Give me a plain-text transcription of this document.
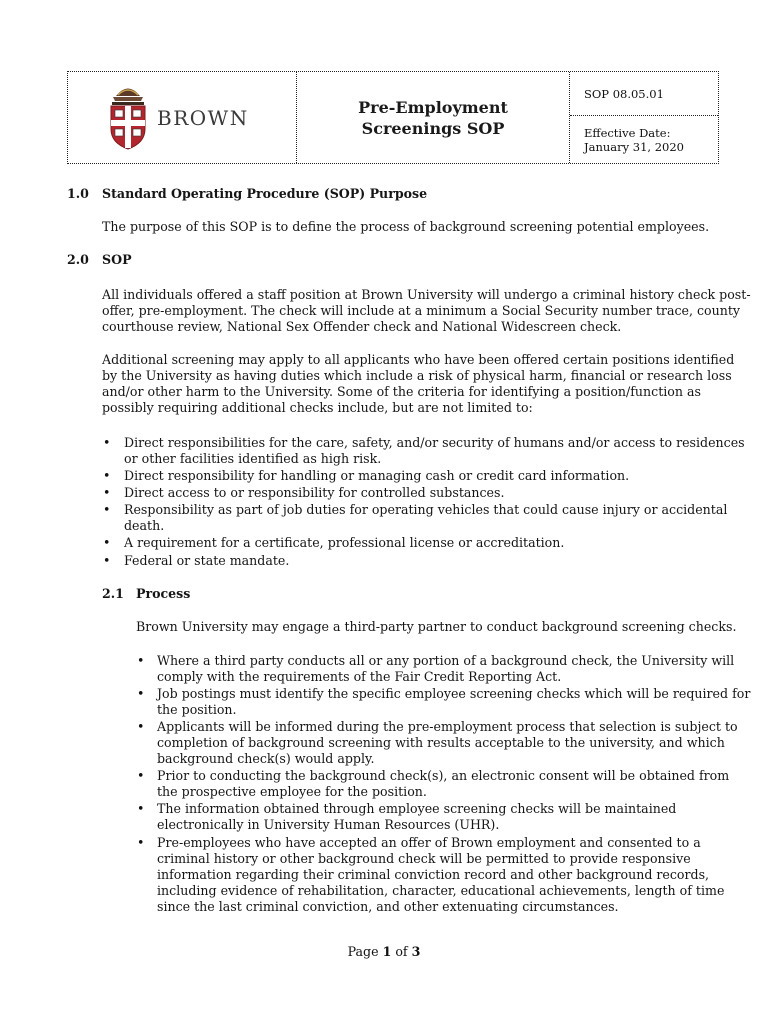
Pre-Employment
Screenings SOP
SOP 08.05.01
Effective Date: January 31, 2020
BROWN
1.0 Standard Operating Procedure (SOP) Purpose
The purpose of this SOP is to define the process of background screening potential employees.
2.0 SOP
All individuals offered a staff position at Brown University will undergo a criminal history check post-
offer, pre-employment. The check will include at a minimum a Social Security number trace, county
courthouse review, National Sex Offender check and National Widescreen check.
Additional screening may apply to all applicants who have been offered certain positions identified
by the University as having duties which include a risk of physical harm, financial or research loss
and/or other harm to the University. Some of the criteria for identifying a position/function as
possibly requiring additional checks include, but are not limited to:
• Direct responsibilities for the care, safety, and/or security of humans and/or access to residences
or other facilities identified as high risk.
• Direct responsibility for handling or managing cash or credit card information.
• Direct access to or responsibility for controlled substances.
• Responsibility as part of job duties for operating vehicles that could cause injury or accidental
death.
• A requirement for a certificate, professional license or accreditation.
• Federal or state mandate.
2.1 Process
Brown University may engage a third-party partner to conduct background screening checks.
• Where a third party conducts all or any portion of a background check, the University will
comply with the requirements of the Fair Credit Reporting Act.
• Job postings must identify the specific employee screening checks which will be required for
the position.
• Applicants will be informed during the pre-employment process that selection is subject to
completion of background screening with results acceptable to the university, and which
background check(s) would apply.
• Prior to conducting the background check(s), an electronic consent will be obtained from
the prospective employee for the position.
• The information obtained through employee screening checks will be maintained
electronically in University Human Resources (UHR).
• Pre-employees who have accepted an offer of Brown employment and consented to a
criminal history or other background check will be permitted to provide responsive
information regarding their criminal conviction record and other background records,
including evidence of rehabilitation, character, educational achievements, length of time
since the last criminal conviction, and other extenuating circumstances.
Page 1 of 3
